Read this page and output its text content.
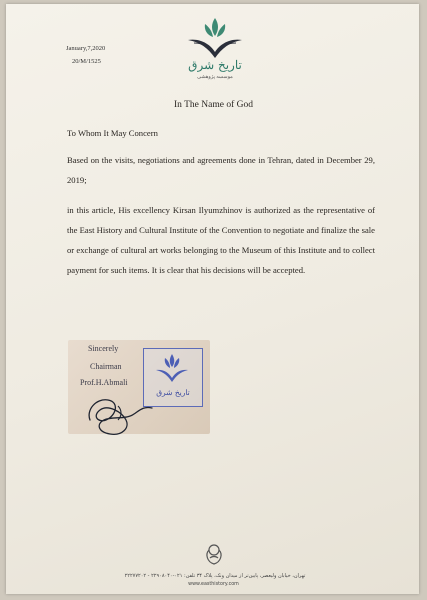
تاریخ شرق
موسسه پژوهشی
January,7,2020
20/M/1525
In The Name of God
To Whom It May Concern
Based on the visits, negotiations and agreements done in Tehran, dated in December 29, 2019;
in this article, His excellency Kirsan Ilyumzhinov is authorized as the representative of the East History and Cultural Institute of the Convention to negotiate and finalize the sale or exchange of cultural art works belonging to the Museum of this Institute and to collect payment for such items. It is clear that his decisions will be accepted.
Sincerely
Chairman
Prof.H.Abmali
تاریخ شرق
تهران، خیابان ولیعصر، پایین‌تر از میدان ونک، پلاک ۳۴ تلفن: ۰۲۱-۲۲۹۰۸۰۴۰ - ۲۲۲۷۷۲۰۲
www.easthistory.com
